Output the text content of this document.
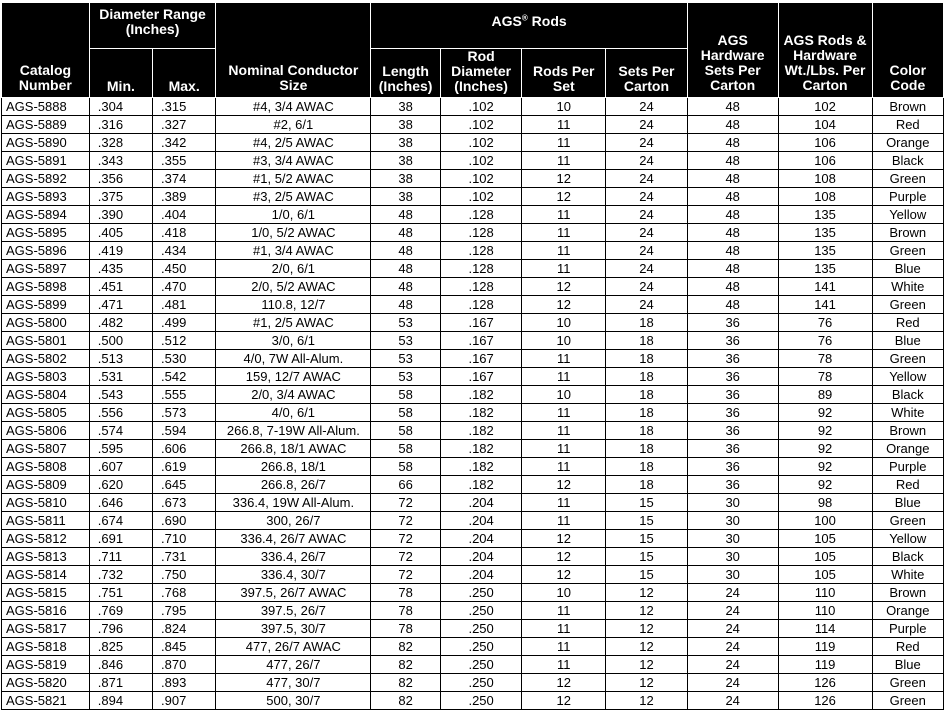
Catalog Number	Diameter Range (Inches)		Nominal Conductor Size	AGS® Rods				AGS Hardware Sets Per Carton	AGS Rods & Hardware Wt./Lbs. Per Carton	Color Code
	Min.	Max.		Length (Inches)	Rod Diameter (Inches)	Rods Per Set	Sets Per Carton			
AGS-5888	.304	.315	#4, 3/4 AWAC	38	.102	10	24	48	102	Brown
AGS-5889	.316	.327	#2, 6/1	38	.102	11	24	48	104	Red
AGS-5890	.328	.342	#4, 2/5 AWAC	38	.102	11	24	48	106	Orange
AGS-5891	.343	.355	#3, 3/4 AWAC	38	.102	11	24	48	106	Black
AGS-5892	.356	.374	#1, 5/2 AWAC	38	.102	12	24	48	108	Green
AGS-5893	.375	.389	#3, 2/5 AWAC	38	.102	12	24	48	108	Purple
AGS-5894	.390	.404	1/0, 6/1	48	.128	11	24	48	135	Yellow
AGS-5895	.405	.418	1/0, 5/2 AWAC	48	.128	11	24	48	135	Brown
AGS-5896	.419	.434	#1, 3/4 AWAC	48	.128	11	24	48	135	Green
AGS-5897	.435	.450	2/0, 6/1	48	.128	11	24	48	135	Blue
AGS-5898	.451	.470	2/0, 5/2 AWAC	48	.128	12	24	48	141	White
AGS-5899	.471	.481	110.8, 12/7	48	.128	12	24	48	141	Green
AGS-5800	.482	.499	#1, 2/5 AWAC	53	.167	10	18	36	76	Red
AGS-5801	.500	.512	3/0, 6/1	53	.167	10	18	36	76	Blue
AGS-5802	.513	.530	4/0, 7W All-Alum.	53	.167	11	18	36	78	Green
AGS-5803	.531	.542	159, 12/7 AWAC	53	.167	11	18	36	78	Yellow
AGS-5804	.543	.555	2/0, 3/4 AWAC	58	.182	10	18	36	89	Black
AGS-5805	.556	.573	4/0, 6/1	58	.182	11	18	36	92	White
AGS-5806	.574	.594	266.8, 7-19W All-Alum.	58	.182	11	18	36	92	Brown
AGS-5807	.595	.606	266.8, 18/1 AWAC	58	.182	11	18	36	92	Orange
AGS-5808	.607	.619	266.8, 18/1	58	.182	11	18	36	92	Purple
AGS-5809	.620	.645	266.8, 26/7	66	.182	12	18	36	92	Red
AGS-5810	.646	.673	336.4, 19W All-Alum.	72	.204	11	15	30	98	Blue
AGS-5811	.674	.690	300, 26/7	72	.204	11	15	30	100	Green
AGS-5812	.691	.710	336.4, 26/7 AWAC	72	.204	12	15	30	105	Yellow
AGS-5813	.711	.731	336.4, 26/7	72	.204	12	15	30	105	Black
AGS-5814	.732	.750	336.4, 30/7	72	.204	12	15	30	105	White
AGS-5815	.751	.768	397.5, 26/7 AWAC	78	.250	10	12	24	110	Brown
AGS-5816	.769	.795	397.5, 26/7	78	.250	11	12	24	110	Orange
AGS-5817	.796	.824	397.5, 30/7	78	.250	11	12	24	114	Purple
AGS-5818	.825	.845	477, 26/7 AWAC	82	.250	11	12	24	119	Red
AGS-5819	.846	.870	477, 26/7	82	.250	11	12	24	119	Blue
AGS-5820	.871	.893	477, 30/7	82	.250	12	12	24	126	Green
AGS-5821	.894	.907	500, 30/7	82	.250	12	12	24	126	Green
